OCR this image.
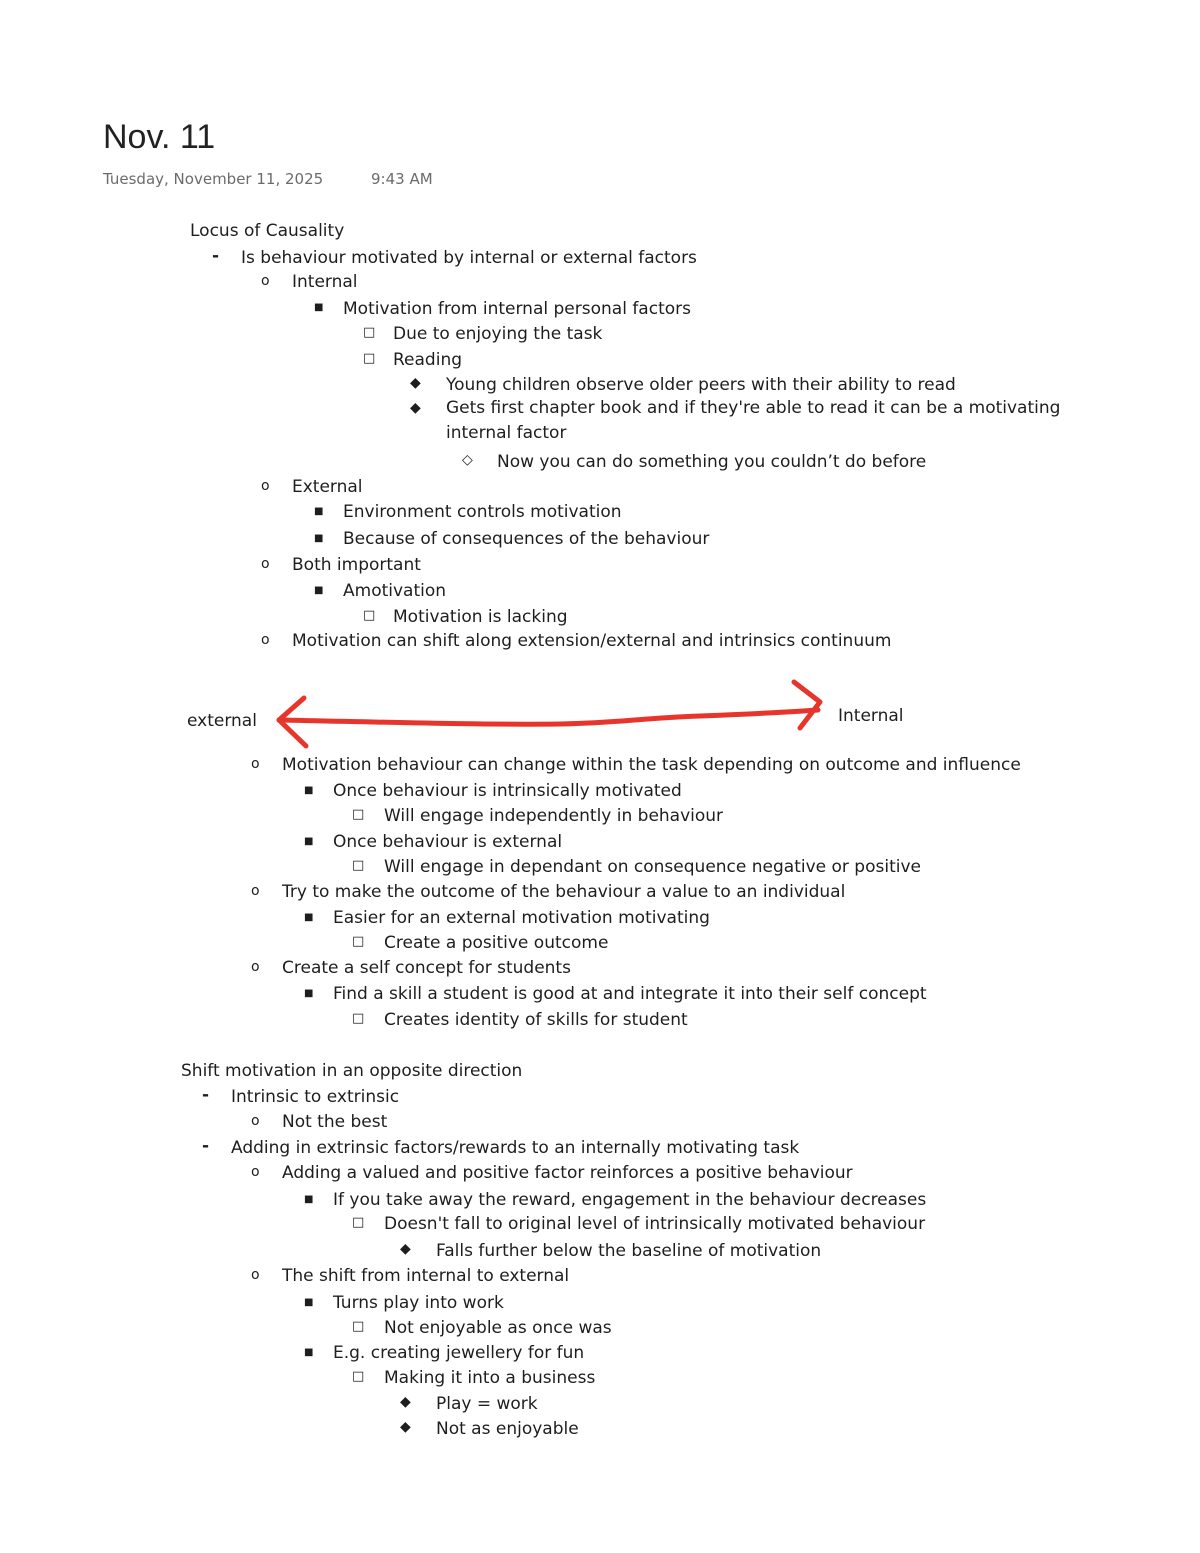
Nov. 11
Tuesday, November 11, 2025	9:43 AM
Locus of Causality
- Is behaviour motivated by internal or external factors
o Internal
■ Motivation from internal personal factors
□ Due to enjoying the task
□ Reading
◆ Young children observe older peers with their ability to read
◆ Gets first chapter book and if they're able to read it can be a motivating internal factor
◇ Now you can do something you couldn’t do before
o External
■ Environment controls motivation
■ Because of consequences of the behaviour
o Both important
■ Amotivation
□ Motivation is lacking
o Motivation can shift along extension/external and intrinsics continuum
external	Internal
o Motivation behaviour can change within the task depending on outcome and influence
■ Once behaviour is intrinsically motivated
□ Will engage independently in behaviour
■ Once behaviour is external
□ Will engage in dependant on consequence negative or positive
o Try to make the outcome of the behaviour a value to an individual
■ Easier for an external motivation motivating
□ Create a positive outcome
o Create a self concept for students
■ Find a skill a student is good at and integrate it into their self concept
□ Creates identity of skills for student
Shift motivation in an opposite direction
- Intrinsic to extrinsic
o Not the best
- Adding in extrinsic factors/rewards to an internally motivating task
o Adding a valued and positive factor reinforces a positive behaviour
■ If you take away the reward, engagement in the behaviour decreases
□ Doesn't fall to original level of intrinsically motivated behaviour
◆ Falls further below the baseline of motivation
o The shift from internal to external
■ Turns play into work
□ Not enjoyable as once was
■ E.g. creating jewellery for fun
□ Making it into a business
◆ Play = work
◆ Not as enjoyable
